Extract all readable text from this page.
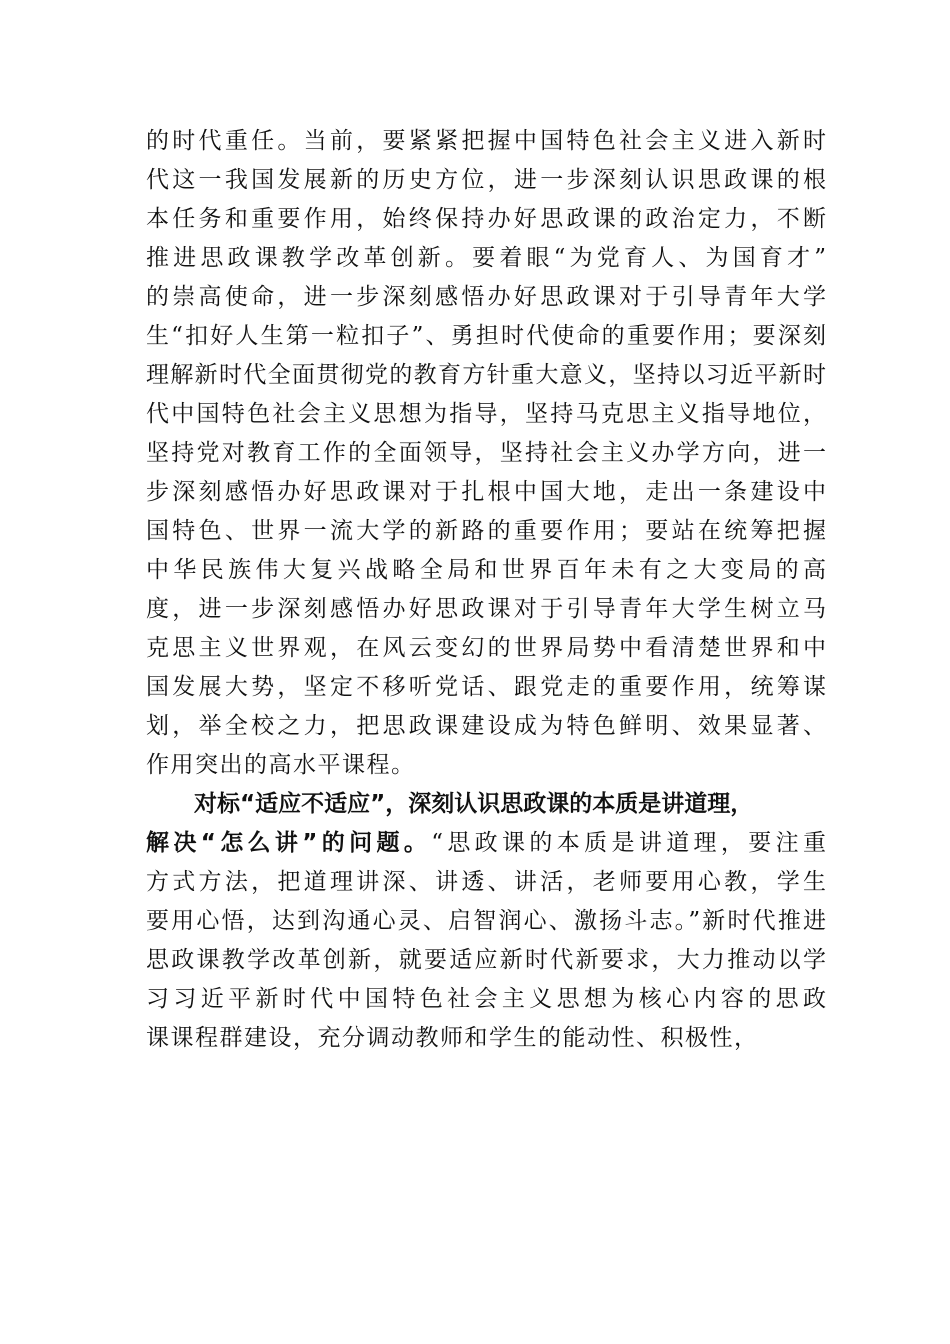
的时代重任。当前，要紧紧把握中国特色社会主义进入新时
代这一我国发展新的历史方位，进一步深刻认识思政课的根
本任务和重要作用，始终保持办好思政课的政治定力，不断
推进思政课教学改革创新。要着眼“为党育人、为国育才”
的崇高使命，进一步深刻感悟办好思政课对于引导青年大学
生“扣好人生第一粒扣子”、勇担时代使命的重要作用；要深刻
理解新时代全面贯彻党的教育方针重大意义，坚持以习近平新时
代中国特色社会主义思想为指导，坚持马克思主义指导地位，
坚持党对教育工作的全面领导，坚持社会主义办学方向，进一
步深刻感悟办好思政课对于扎根中国大地，走出一条建设中
国特色、世界一流大学的新路的重要作用；要站在统筹把握
中华民族伟大复兴战略全局和世界百年未有之大变局的高
度，进一步深刻感悟办好思政课对于引导青年大学生树立马
克思主义世界观，在风云变幻的世界局势中看清楚世界和中
国发展大势，坚定不移听党话、跟党走的重要作用，统筹谋
划，举全校之力，把思政课建设成为特色鲜明、效果显著、
作用突出的高水平课程。
对标“适应不适应”，深刻认识思政课的本质是讲道理，
解决“怎么讲”的问题。“思政课的本质是讲道理，要注重
方式方法，把道理讲深、讲透、讲活，老师要用心教，学生
要用心悟，达到沟通心灵、启智润心、激扬斗志。”新时代推进
思政课教学改革创新，就要适应新时代新要求，大力推动以学
习习近平新时代中国特色社会主义思想为核心内容的思政
课课程群建设，充分调动教师和学生的能动性、积极性，
